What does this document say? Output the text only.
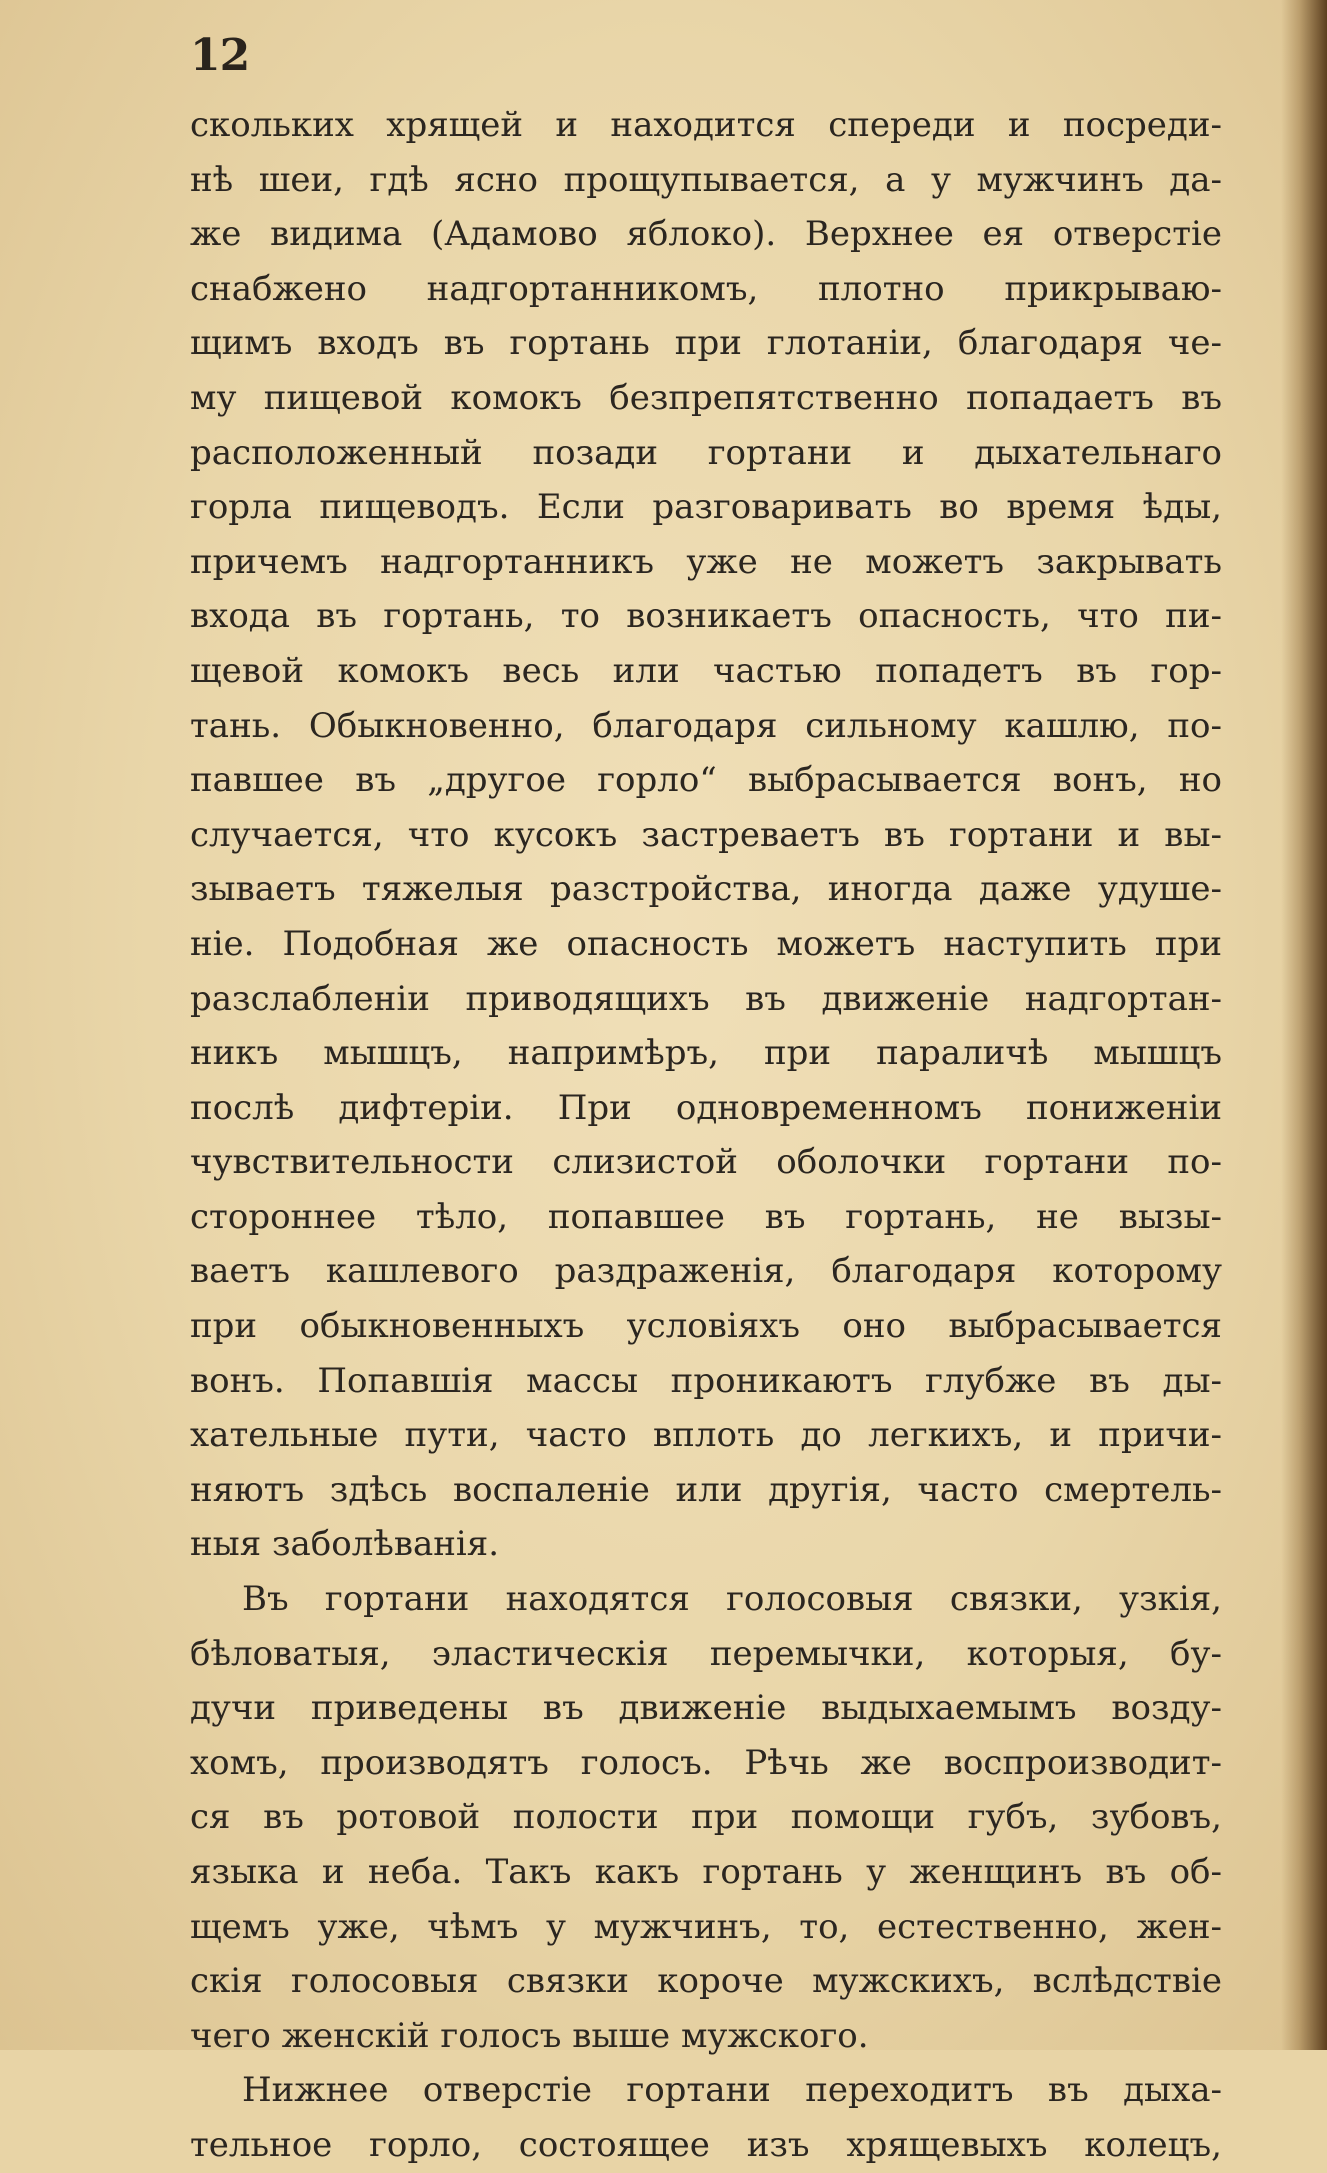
12
скольких хрящей и находится спереди и посреди-
нѣ шеи, гдѣ ясно прощупывается, а у мужчинъ да-
же видима (Адамово яблоко). Верхнее ея отверстіе
снабжено надгортанникомъ, плотно прикрываю-
щимъ входъ въ гортань при глотаніи, благодаря че-
му пищевой комокъ безпрепятственно попадаетъ въ
расположенный позади гортани и дыхательнаго
горла пищеводъ. Если разговаривать во время ѣды,
причемъ надгортанникъ уже не можетъ закрывать
входа въ гортань, то возникаетъ опасность, что пи-
щевой комокъ весь или частью попадетъ въ гор-
тань. Обыкновенно, благодаря сильному кашлю, по-
павшее въ „другое горло“ выбрасывается вонъ, но
случается, что кусокъ застреваетъ въ гортани и вы-
зываетъ тяжелыя разстройства, иногда даже удуше-
ніе. Подобная же опасность можетъ наступить при
разслабленіи приводящихъ въ движеніе надгортан-
никъ мышцъ, напримѣръ, при параличѣ мышцъ
послѣ дифтеріи. При одновременномъ пониженіи
чувствительности слизистой оболочки гортани по-
стороннее тѣло, попавшее въ гортань, не вызы-
ваетъ кашлевого раздраженія, благодаря которому
при обыкновенныхъ условіяхъ оно выбрасывается
вонъ. Попавшія массы проникаютъ глубже въ ды-
хательные пути, часто вплоть до легкихъ, и причи-
няютъ здѣсь воспаленіе или другія, часто смертель-
ныя заболѣванія.
Въ гортани находятся голосовыя связки, узкія,
бѣловатыя, эластическія перемычки, которыя, бу-
дучи приведены въ движеніе выдыхаемымъ возду-
хомъ, производятъ голосъ. Рѣчь же воспроизводит-
ся въ ротовой полости при помощи губъ, зубовъ,
языка и неба. Такъ какъ гортань у женщинъ въ об-
щемъ уже, чѣмъ у мужчинъ, то, естественно, жен-
скія голосовыя связки короче мужскихъ, вслѣдствіе
чего женскій голосъ выше мужского.
Нижнее отверстіе гортани переходитъ въ дыха-
тельное горло, состоящее изъ хрящевыхъ колецъ,
